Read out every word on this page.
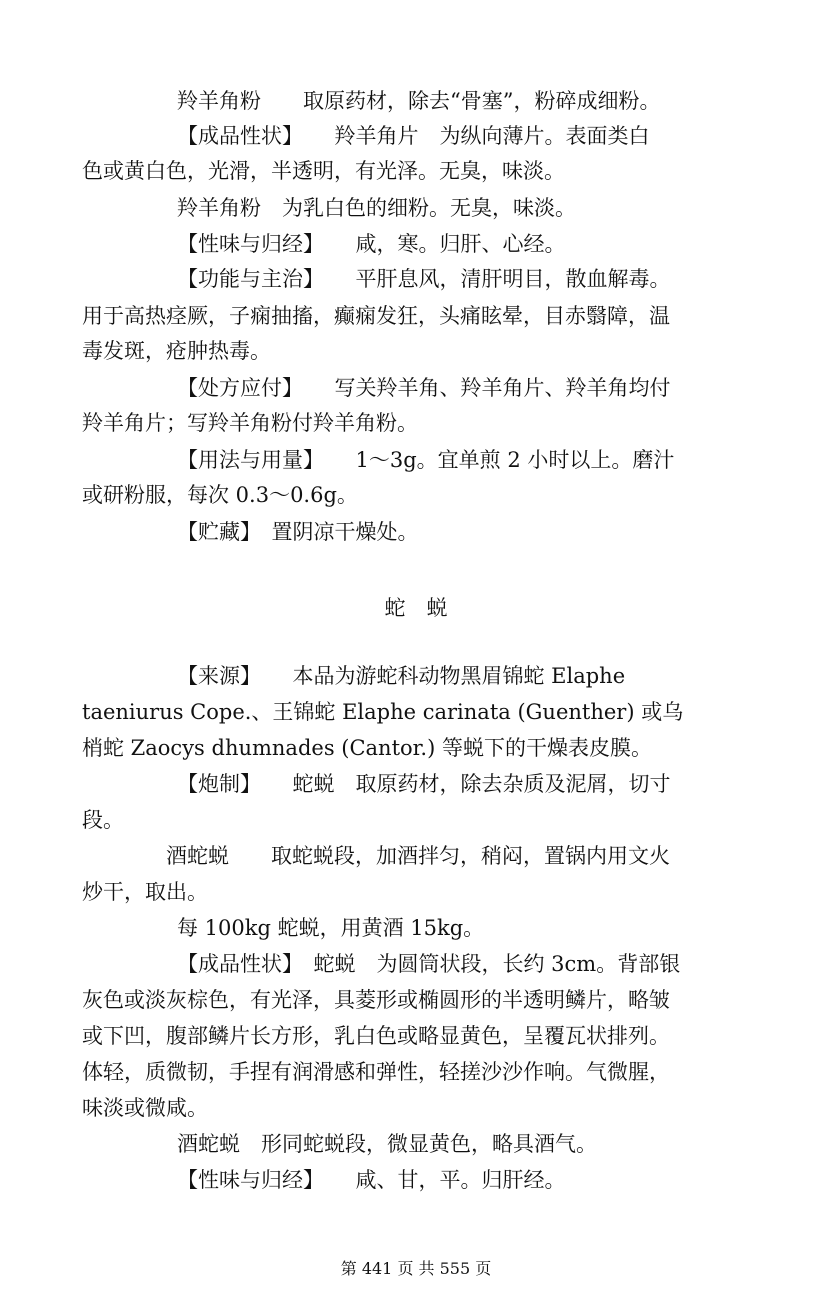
羚羊角粉　　取原药材，除去“骨塞”，粉碎成细粉。
【成品性状】　　羚羊角片　为纵向薄片。表面类白
色或黄白色，光滑，半透明，有光泽。无臭，味淡。
羚羊角粉　为乳白色的细粉。无臭，味淡。
【性味与归经】　　咸，寒。归肝、心经。
【功能与主治】　　平肝息风，清肝明目，散血解毒。
用于高热痉厥，子痫抽搐，癫痫发狂，头痛眩晕，目赤翳障，温
毒发斑，疮肿热毒。
【处方应付】　　写关羚羊角、羚羊角片、羚羊角均付
羚羊角片；写羚羊角粉付羚羊角粉。
【用法与用量】　　1～3g。宜单煎 2 小时以上。磨汁
或研粉服，每次 0.3～0.6g。
【贮藏】　置阴凉干燥处。
蛇　蜕
【来源】　　本品为游蛇科动物黑眉锦蛇 Elaphe
taeniurus Cope.、王锦蛇 Elaphe carinata (Guenther) 或乌
梢蛇 Zaocys dhumnades (Cantor.) 等蜕下的干燥表皮膜。
【炮制】　　蛇蜕　取原药材，除去杂质及泥屑，切寸
段。
酒蛇蜕　　取蛇蜕段，加酒拌匀，稍闷，置锅内用文火
炒干，取出。
每 100kg 蛇蜕，用黄酒 15kg。
【成品性状】　蛇蜕　为圆筒状段，长约 3cm。背部银
灰色或淡灰棕色，有光泽，具菱形或椭圆形的半透明鳞片，略皱
或下凹，腹部鳞片长方形，乳白色或略显黄色，呈覆瓦状排列。
体轻，质微韧，手捏有润滑感和弹性，轻搓沙沙作响。气微腥，
味淡或微咸。
酒蛇蜕　形同蛇蜕段，微显黄色，略具酒气。
【性味与归经】　　咸、甘，平。归肝经。
第 441 页 共 555 页
